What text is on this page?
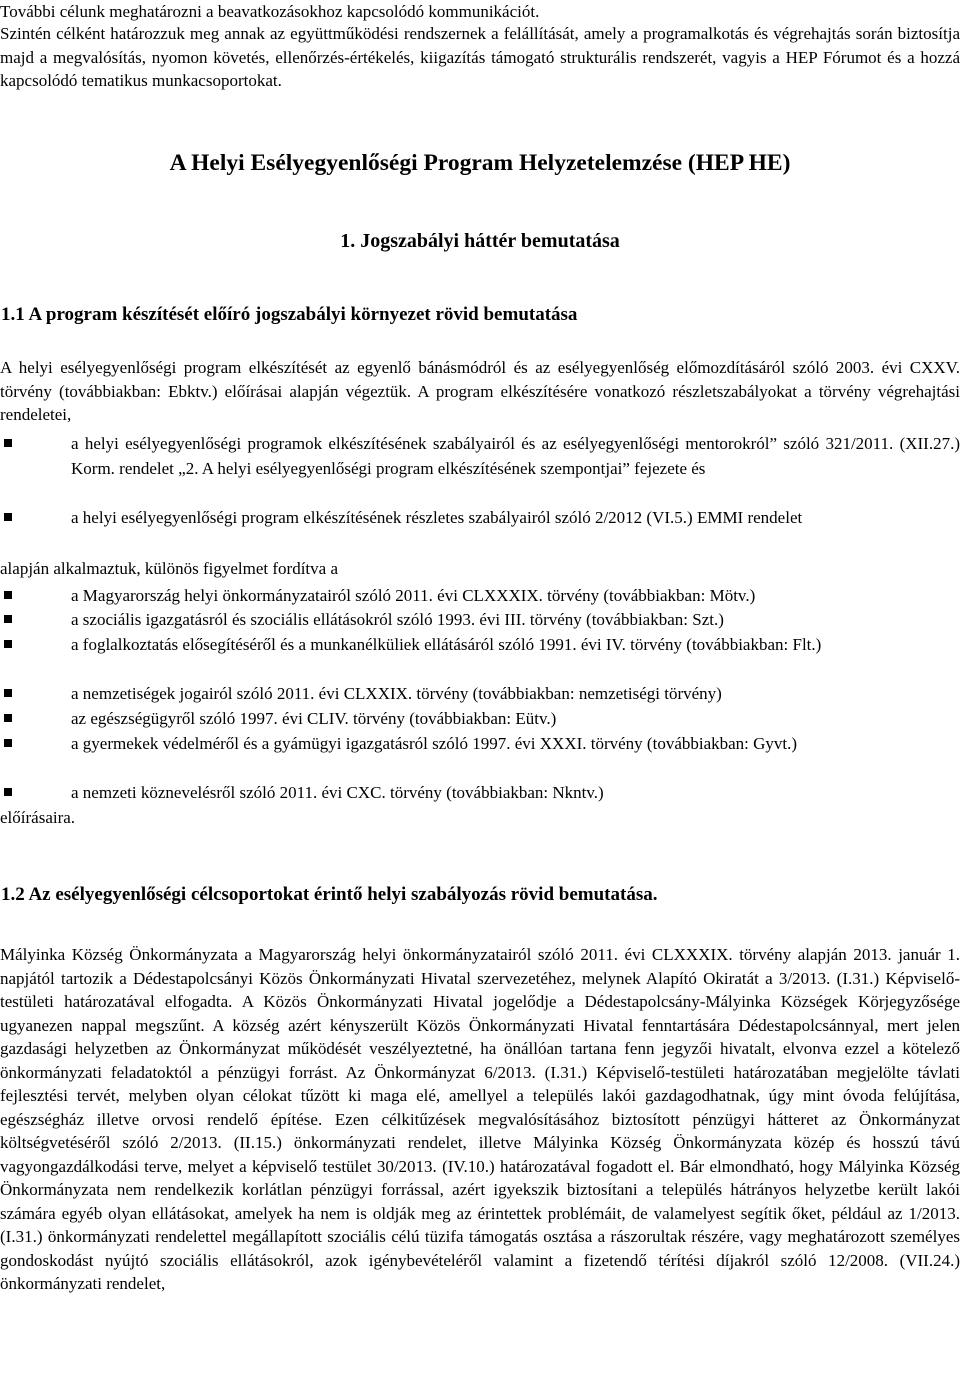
További célunk meghatározni a beavatkozásokhoz kapcsolódó kommunikációt.

Szintén célként határozzuk meg annak az együttműködési rendszernek a felállítását, amely a programalkotás és végrehajtás során biztosítja majd a megvalósítás, nyomon követés, ellenőrzés-értékelés, kiigazítás támogató strukturális rendszerét, vagyis a HEP Fórumot és a hozzá kapcsolódó tematikus munkacsoportokat.

A Helyi Esélyegyenlőségi Program Helyzetelemzése (HEP HE)
1. Jogszabályi háttér bemutatása
1.1 A program készítését előíró jogszabályi környezet rövid bemutatása

A helyi esélyegyenlőségi program elkészítését az egyenlő bánásmódról és az esélyegyenlőség előmozdításáról szóló 2003. évi CXXV. törvény (továbbiakban: Ebktv.) előírásai alapján végeztük. A program elkészítésére vonatkozó részletszabályokat a törvény végrehajtási rendeletei,

a helyi esélyegyenlőségi programok elkészítésének szabályairól és az esélyegyenlőségi mentorokról” szóló 321/2011. (XII.27.) Korm. rendelet „2. A helyi esélyegyenlőségi program elkészítésének szempontjai” fejezete és
a helyi esélyegyenlőségi program elkészítésének részletes szabályairól szóló 2/2012 (VI.5.) EMMI rendelet

alapján alkalmaztuk, különös figyelmet fordítva a

a Magyarország helyi önkormányzatairól szóló 2011. évi CLXXXIX. törvény (továbbiakban: Mötv.)
a szociális igazgatásról és szociális ellátásokról szóló 1993. évi III. törvény (továbbiakban: Szt.)
a foglalkoztatás elősegítéséről és a munkanélküliek ellátásáról szóló 1991. évi IV. törvény (továbbiakban: Flt.)
a nemzetiségek jogairól szóló 2011. évi CLXXIX. törvény (továbbiakban: nemzetiségi törvény)
az egészségügyről szóló 1997. évi CLIV. törvény (továbbiakban: Eütv.)
a gyermekek védelméről és a gyámügyi igazgatásról szóló 1997. évi XXXI. törvény (továbbiakban: Gyvt.)
a nemzeti köznevelésről szóló 2011. évi CXC. törvény (továbbiakban: Nkntv.)

előírásaira.

1.2 Az esélyegyenlőségi célcsoportokat érintő helyi szabályozás rövid bemutatása.

Mályinka Község Önkormányzata a Magyarország helyi önkormányzatairól szóló 2011. évi CLXXXIX. törvény alapján 2013. január 1. napjától tartozik a Dédestapolcsányi Közös Önkormányzati Hivatal szervezetéhez, melynek Alapító Okiratát a 3/2013. (I.31.) Képviselő-testületi határozatával elfogadta. A Közös Önkormányzati Hivatal jogelődje a Dédestapolcsány-Mályinka Községek Körjegyzősége ugyanezen nappal megszűnt. A község azért kényszerült Közös Önkormányzati Hivatal fenntartására Dédestapolcsánnyal, mert jelen gazdasági helyzetben az Önkormányzat működését veszélyeztetné, ha önállóan tartana fenn jegyzői hivatalt, elvonva ezzel a kötelező önkormányzati feladatoktól a pénzügyi forrást. Az Önkormányzat 6/2013. (I.31.) Képviselő-testületi határozatában megjelölte távlati fejlesztési tervét, melyben olyan célokat tűzött ki maga elé, amellyel a település lakói gazdagodhatnak, úgy mint óvoda felújítása, egészségház illetve orvosi rendelő építése. Ezen célkitűzések megvalósításához biztosított pénzügyi hátteret az Önkormányzat költségvetéséről szóló 2/2013. (II.15.) önkormányzati rendelet, illetve Mályinka Község Önkormányzata közép és hosszú távú vagyongazdálkodási terve, melyet a képviselő testület 30/2013. (IV.10.) határozatával fogadott el. Bár elmondható, hogy Mályinka Község Önkormányzata nem rendelkezik korlátlan pénzügyi forrással, azért igyekszik biztosítani a település hátrányos helyzetbe került lakói számára egyéb olyan ellátásokat, amelyek ha nem is oldják meg az érintettek problémáit, de valamelyest segítik őket, például az 1/2013. (I.31.) önkormányzati rendelettel megállapított szociális célú tüzifa támogatás osztása a rászorultak részére, vagy meghatározott személyes gondoskodást nyújtó szociális ellátásokról, azok igénybevételéről valamint a fizetendő térítési díjakról szóló 12/2008. (VII.24.) önkormányzati rendelet,
